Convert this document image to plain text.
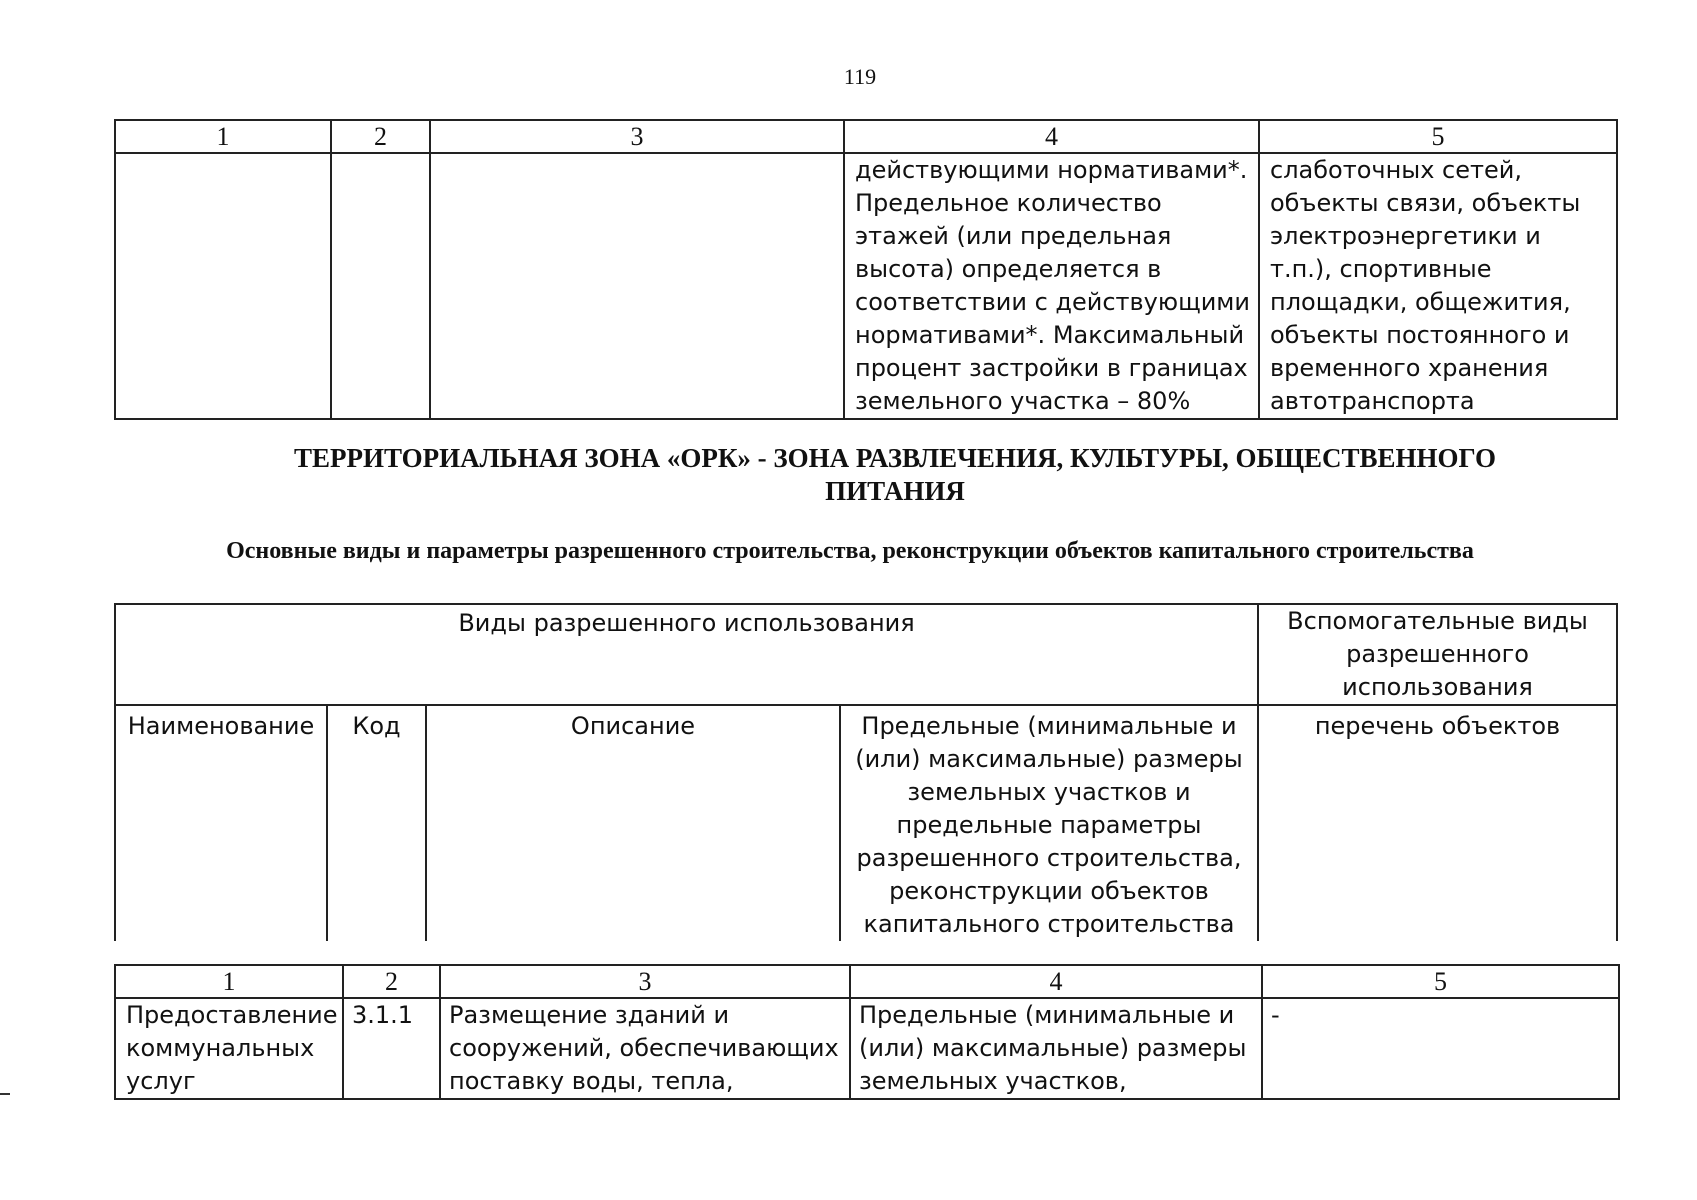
119
1	2	3	4	5
			действующими нормативами*. Предельное количество этажей (или предельная высота) определяется в соответствии с действующими нормативами*. Максимальный процент застройки в границах земельного участка – 80%	слаботочных сетей, объекты связи, объекты электроэнергетики и т.п.), спортивные площадки, общежития, объекты постоянного и временного хранения автотранспорта
ТЕРРИТОРИАЛЬНАЯ ЗОНА «ОРК» - ЗОНА РАЗВЛЕЧЕНИЯ, КУЛЬТУРЫ, ОБЩЕСТВЕННОГО ПИТАНИЯ
Основные виды и параметры разрешенного строительства, реконструкции объектов капитального строительства
Виды разрешенного использования				Вспомогательные виды разрешенного использования
Наименование	Код	Описание	Предельные (минимальные и (или) максимальные) размеры земельных участков и предельные параметры разрешенного строительства, реконструкции объектов капитального строительства	перечень объектов
1	2	3	4	5
Предоставление коммунальных услуг	3.1.1	Размещение зданий и сооружений, обеспечивающих поставку воды, тепла,	Предельные (минимальные и (или) максимальные) размеры земельных участков,	-
